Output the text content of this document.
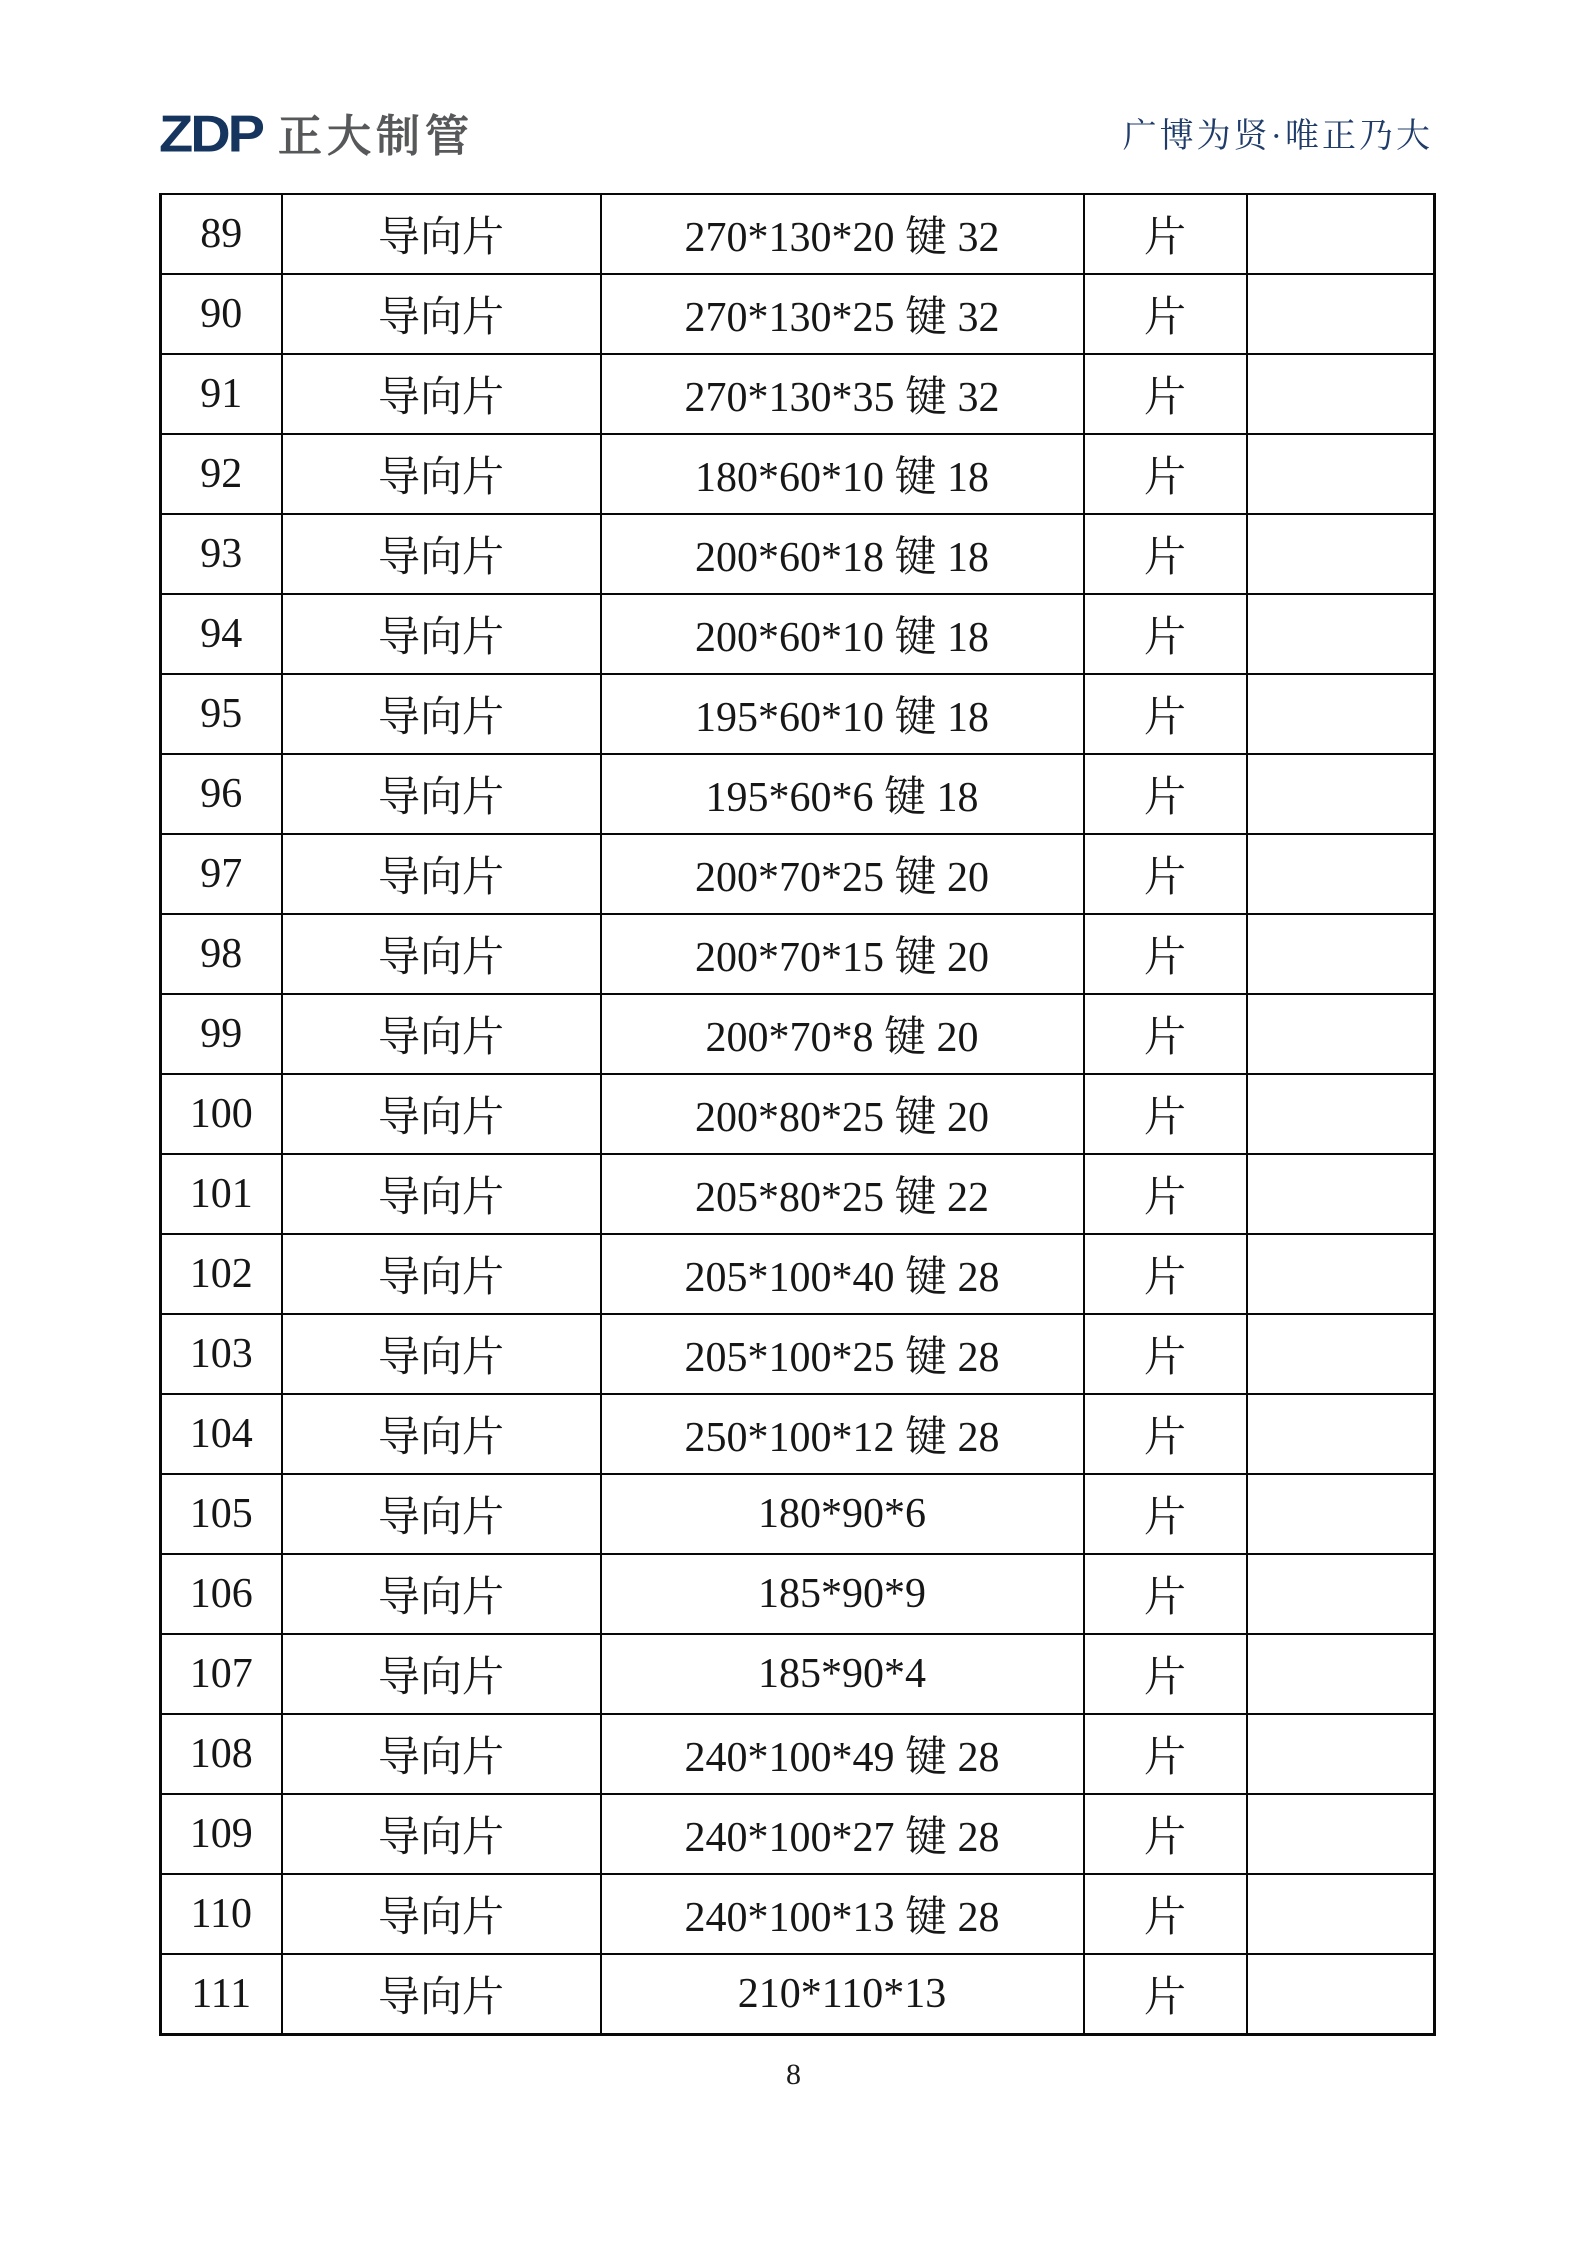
ZDP 正大制管	广博为贤·唯正乃大
89	导向片	270*130*20 键 32	片	
90	导向片	270*130*25 键 32	片	
91	导向片	270*130*35 键 32	片	
92	导向片	180*60*10 键 18	片	
93	导向片	200*60*18 键 18	片	
94	导向片	200*60*10 键 18	片	
95	导向片	195*60*10 键 18	片	
96	导向片	195*60*6 键 18	片	
97	导向片	200*70*25 键 20	片	
98	导向片	200*70*15 键 20	片	
99	导向片	200*70*8 键 20	片	
100	导向片	200*80*25 键 20	片	
101	导向片	205*80*25 键 22	片	
102	导向片	205*100*40 键 28	片	
103	导向片	205*100*25 键 28	片	
104	导向片	250*100*12 键 28	片	
105	导向片	180*90*6	片	
106	导向片	185*90*9	片	
107	导向片	185*90*4	片	
108	导向片	240*100*49 键 28	片	
109	导向片	240*100*27 键 28	片	
110	导向片	240*100*13 键 28	片	
111	导向片	210*110*13	片	
8
